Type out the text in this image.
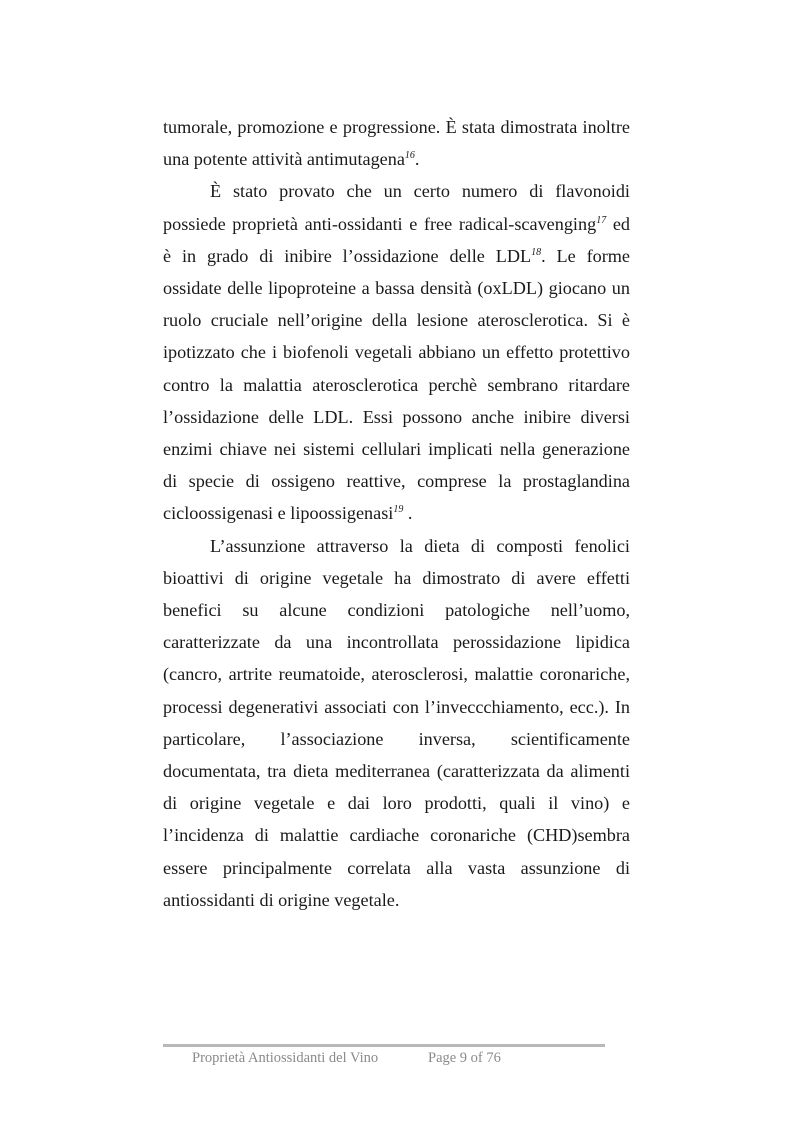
tumorale, promozione e progressione. È stata dimostrata inoltre una potente attività antimutagena$^{16}$.

È stato provato che un certo numero di flavonoidi possiede proprietà anti-ossidanti e free radical-scavenging$^{17}$ ed è in grado di inibire l’ossidazione delle LDL$^{18}$. Le forme ossidate delle lipoproteine a bassa densità (oxLDL) giocano un ruolo cruciale nell’origine della lesione aterosclerotica. Si è ipotizzato che i biofenoli vegetali abbiano un effetto protettivo contro la malattia aterosclerotica perchè sembrano ritardare l’ossidazione delle LDL. Essi possono anche inibire diversi enzimi chiave nei sistemi cellulari implicati nella generazione di specie di ossigeno reattive, comprese la prostaglandina cicloossigenasi e lipoossigenasi$^{19}$ .

L’assunzione attraverso la dieta di composti fenolici bioattivi di origine vegetale ha dimostrato di avere effetti benefici su alcune condizioni patologiche nell’uomo, caratterizzate da una incontrollata perossidazione lipidica (cancro, artrite reumatoide, aterosclerosi, malattie coronariche, processi degenerativi associati con l’inveccchiamento, ecc.). In particolare, l’associazione inversa, scientificamente documentata, tra dieta mediterranea (caratterizzata da alimenti di origine vegetale e dai loro prodotti, quali il vino) e l’incidenza di malattie cardiache coronariche (CHD)sembra essere principalmente correlata alla vasta assunzione di antiossidanti di origine vegetale.

Proprietà Antiossidanti del Vino	Page 9 of 76
